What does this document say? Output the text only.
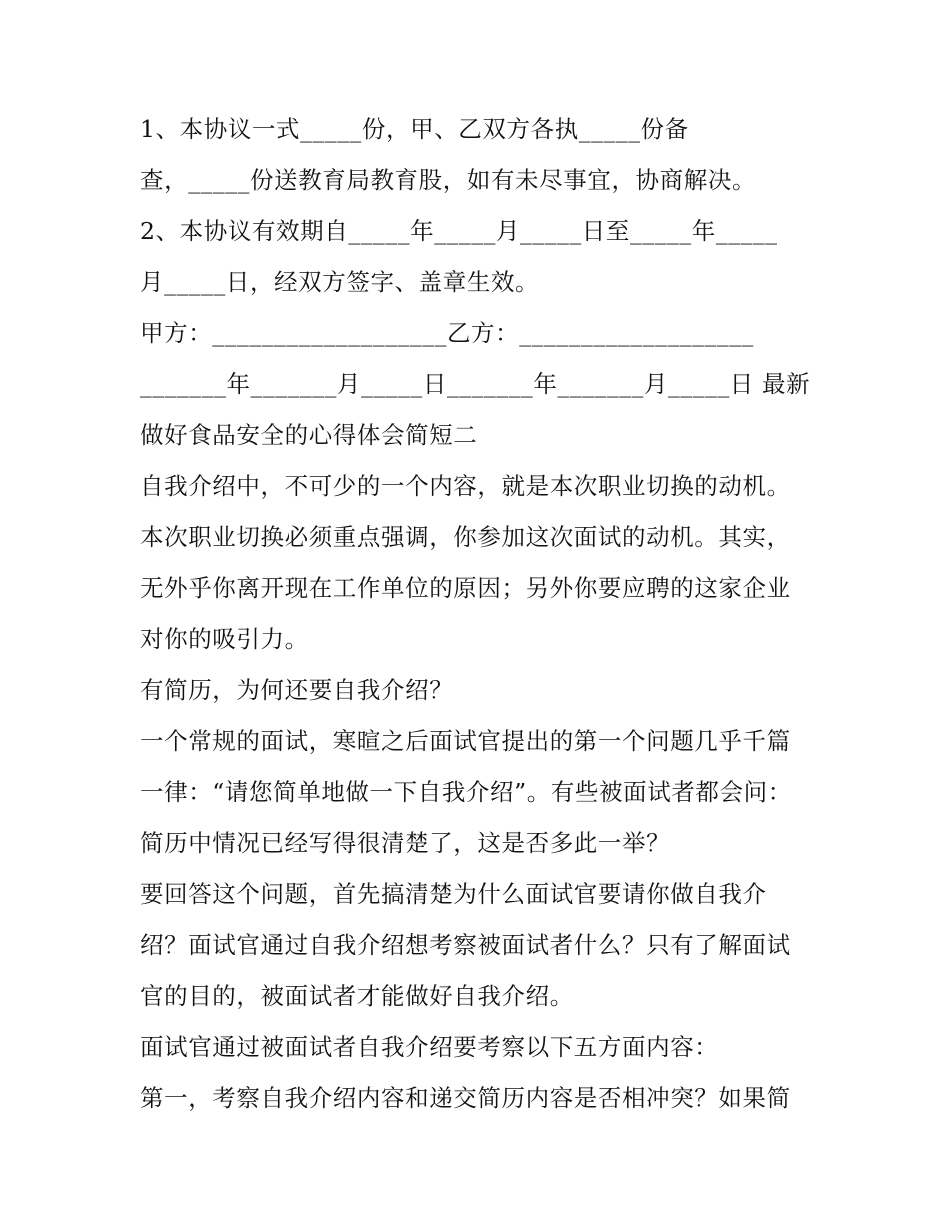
1、本协议一式_____份，甲、乙双方各执_____份备
查，_____份送教育局教育股，如有未尽事宜，协商解决。
2、本协议有效期自_____年_____月_____日至_____年_____
月_____日，经双方签字、盖章生效。
甲方：___________________乙方：___________________
_______年_______月_____日_______年_______月_____日 最新
做好食品安全的心得体会简短二
自我介绍中，不可少的一个内容，就是本次职业切换的动机。
本次职业切换必须重点强调，你参加这次面试的动机。其实，
无外乎你离开现在工作单位的原因；另外你要应聘的这家企业
对你的吸引力。
有简历，为何还要自我介绍？
一个常规的面试，寒暄之后面试官提出的第一个问题几乎千篇
一律：“请您简单地做一下自我介绍”。有些被面试者都会问：
简历中情况已经写得很清楚了，这是否多此一举？
要回答这个问题，首先搞清楚为什么面试官要请你做自我介
绍？面试官通过自我介绍想考察被面试者什么？只有了解面试
官的目的，被面试者才能做好自我介绍。
面试官通过被面试者自我介绍要考察以下五方面内容：
第一，考察自我介绍内容和递交简历内容是否相冲突？如果简
